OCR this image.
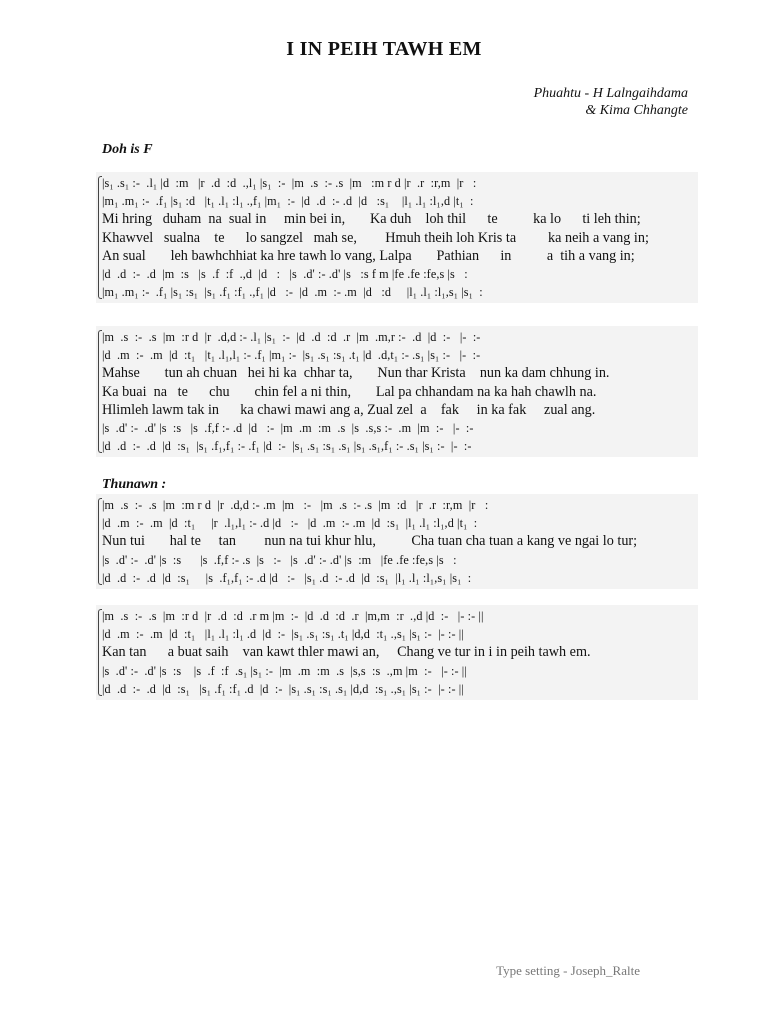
I IN PEIH TAWH EM
Phuahtu - H Lalngaihdama
& Kima Chhangte
Doh is F
|s₁ .s₁ :-  .l₁ |d  :m   |r  .d  :d  .,l₁ |s₁  :-  |m  .s  :- .s  |m   :m r d |r  .r  :r,m  |r   :
|m₁ .m₁ :-  .f₁ |s₁ :d   |t₁ .l₁ :l₁ .,f₁ |m₁  :-  |d  .d  :- .d  |d   :s₁    |l₁ .l₁ :l₁,d |t₁  :
Mi hring   duham  na  sual in     min bei in,       Ka duh    loh thil      te          ka lo      ti leh thin;
Khawvel   sualna    te      lo sangzel   mah se,        Hmuh theih loh Kris ta         ka neih a vang in;
An sual       leh bawhchhiat ka hre tawh lo vang, Lalpa       Pathian      in          a  tih a vang in;
|d  .d  :-  .d  |m  :s   |s  .f  :f  .,d  |d   :   |s  .d' :- .d' |s   :s f m |fe .fe :fe,s |s   :
|m₁ .m₁ :-  .f₁ |s₁ :s₁  |s₁ .f₁ :f₁ .,f₁ |d   :-  |d  .m  :- .m  |d   :d     |l₁ .l₁ :l₁,s₁ |s₁  :
|m  .s  :-  .s  |m  :r d  |r  .d,d :- .l₁ |s₁  :-  |d  .d  :d  .r  |m  .m,r :-  .d  |d  :-   |-  :-
|d  .m  :-  .m  |d  :t₁   |t₁ .l₁,l₁ :- .f₁ |m₁ :-  |s₁ .s₁ :s₁ .t₁ |d  .d,t₁ :- .s₁ |s₁ :-   |-  :-
Mahse       tun ah chuan   hei hi ka  chhar ta,       Nun thar Krista    nun ka dam chhung in.
Ka buai  na   te      chu       chin fel a ni thin,       Lal pa chhandam na ka hah chawlh na.
Hlimleh lawm tak in      ka chawi mawi ang a, Zual zel  a    fak     in ka fak     zual ang.
|s  .d' :-  .d' |s  :s   |s  .f,f :- .d  |d   :-  |m  .m  :m  .s  |s  .s,s :-  .m  |m  :-   |-  :-
|d  .d  :-  .d  |d  :s₁  |s₁ .f₁,f₁ :- .f₁ |d  :-  |s₁ .s₁ :s₁ .s₁ |s₁ .s₁,f₁ :- .s₁ |s₁ :-  |-  :-
Thunawn :
|m  .s  :-  .s  |m  :m r d  |r  .d,d :- .m  |m   :-   |m  .s  :- .s  |m  :d   |r  .r  :r,m  |r   :
|d  .m  :-  .m  |d  :t₁     |r  .l₁,l₁ :- .d |d   :-   |d  .m  :- .m  |d  :s₁  |l₁ .l₁ :l₁,d |t₁  :
Nun tui       hal te     tan        nun na tui khur hlu,          Cha tuan cha tuan a kang ve ngai lo tur;
|s  .d' :-  .d' |s  :s      |s  .f,f :- .s  |s   :-   |s  .d' :- .d' |s  :m   |fe .fe :fe,s |s   :
|d  .d  :-  .d  |d  :s₁     |s  .f₁,f₁ :- .d |d   :-   |s₁ .d  :- .d  |d  :s₁  |l₁ .l₁ :l₁,s₁ |s₁  :
|m  .s  :-  .s  |m  :r d  |r  .d  :d  .r m |m  :-  |d  .d  :d  .r  |m,m  :r  .,d |d  :-   |- :- ||
|d  .m  :-  .m  |d  :t₁   |l₁ .l₁ :l₁ .d  |d  :-  |s₁ .s₁ :s₁ .t₁ |d,d  :t₁ .,s₁ |s₁ :-  |- :- ||
Kan tan      a buat saih    van kawt thler mawi an,     Chang ve tur in i in peih tawh em.
|s  .d' :-  .d' |s  :s    |s  .f  :f  .s₁ |s₁ :-  |m  .m  :m  .s  |s,s  :s  .,m |m  :-   |- :- ||
|d  .d  :-  .d  |d  :s₁   |s₁ .f₁ :f₁ .d  |d  :-  |s₁ .s₁ :s₁ .s₁ |d,d  :s₁ .,s₁ |s₁ :-  |- :- ||
Type setting - Joseph_Ralte
